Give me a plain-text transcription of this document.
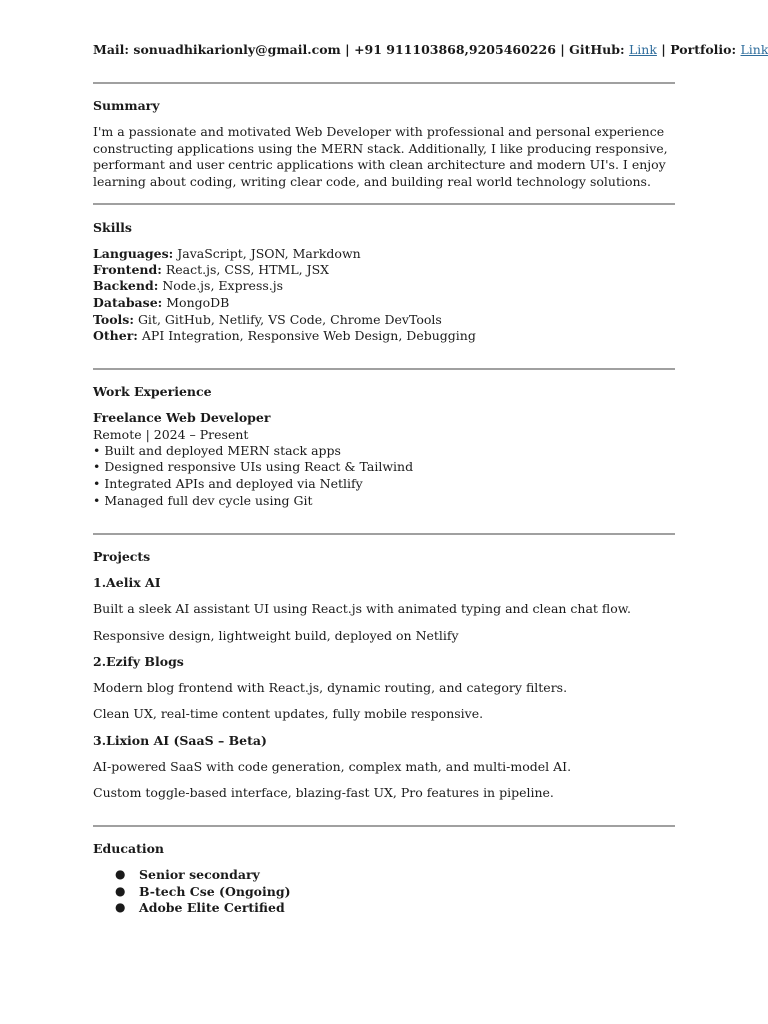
Mail: sonuadhikarionly@gmail.com | +91 911103868,9205460226 | GitHub: Link | Portfolio: Link
Summary
I'm a passionate and motivated Web Developer with professional and personal experience constructing applications using the MERN stack. Additionally, I like producing responsive, performant and user centric applications with clean architecture and modern UI's. I enjoy learning about coding, writing clear code, and building real world technology solutions.
Skills
Languages: JavaScript, JSON, Markdown
Frontend: React.js, CSS, HTML, JSX
Backend: Node.js, Express.js
Database: MongoDB
Tools: Git, GitHub, Netlify, VS Code, Chrome DevTools
Other: API Integration, Responsive Web Design, Debugging
Work Experience
Freelance Web Developer
Remote | 2024 – Present
• Built and deployed MERN stack apps
• Designed responsive UIs using React & Tailwind
• Integrated APIs and deployed via Netlify
• Managed full dev cycle using Git
Projects
1.Aelix AI
Built a sleek AI assistant UI using React.js with animated typing and clean chat flow.
Responsive design, lightweight build, deployed on Netlify
2.Ezify Blogs
Modern blog frontend with React.js, dynamic routing, and category filters.
Clean UX, real-time content updates, fully mobile responsive.
3.Lixion AI (SaaS – Beta)
AI-powered SaaS with code generation, complex math, and multi-model AI.
Custom toggle-based interface, blazing-fast UX, Pro features in pipeline.
Education
● Senior secondary
● B-tech Cse (Ongoing)
● Adobe Elite Certified
